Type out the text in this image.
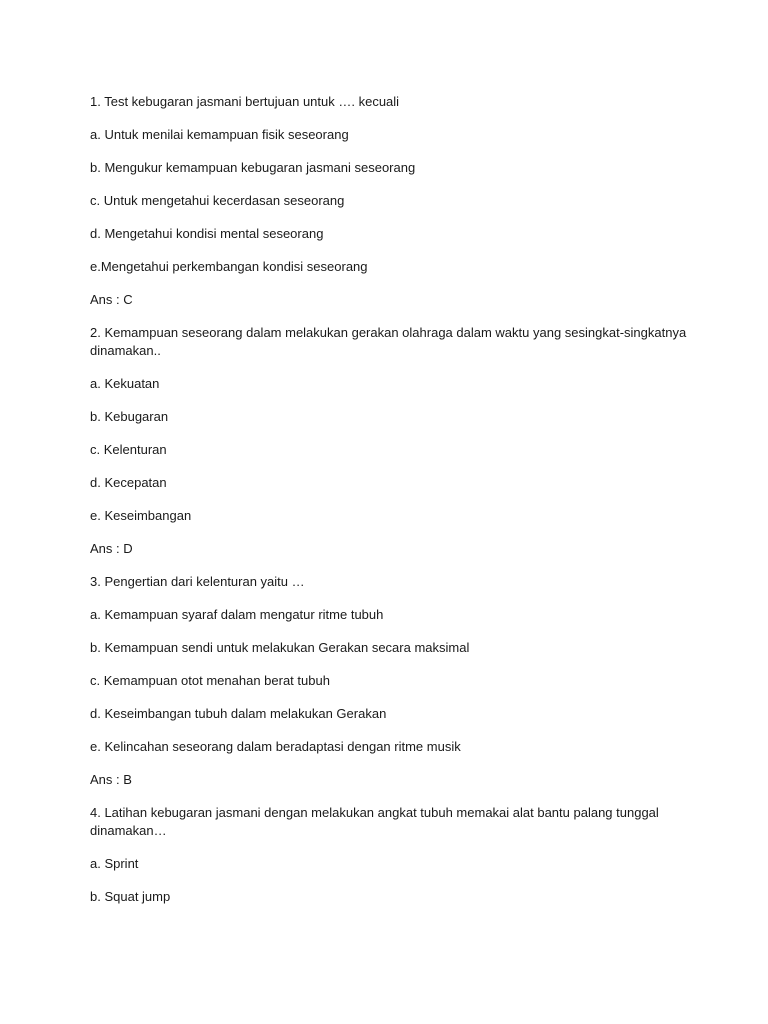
1. Test kebugaran jasmani bertujuan untuk …. kecuali

a. Untuk menilai kemampuan fisik seseorang

b. Mengukur kemampuan kebugaran jasmani seseorang

c. Untuk mengetahui kecerdasan seseorang

d. Mengetahui kondisi mental seseorang

e.Mengetahui perkembangan kondisi seseorang

Ans : C

2. Kemampuan seseorang dalam melakukan gerakan olahraga dalam waktu yang sesingkat-singkatnya dinamakan..

a. Kekuatan

b. Kebugaran

c. Kelenturan

d. Kecepatan

e. Keseimbangan

Ans : D

3. Pengertian dari kelenturan yaitu …

a. Kemampuan syaraf dalam mengatur ritme tubuh

b. Kemampuan sendi untuk melakukan Gerakan secara maksimal

c. Kemampuan otot menahan berat tubuh

d. Keseimbangan tubuh dalam melakukan Gerakan

e. Kelincahan seseorang dalam beradaptasi dengan ritme musik

Ans : B

4. Latihan kebugaran jasmani dengan melakukan angkat tubuh memakai alat bantu palang tunggal dinamakan…

a. Sprint

b. Squat jump
